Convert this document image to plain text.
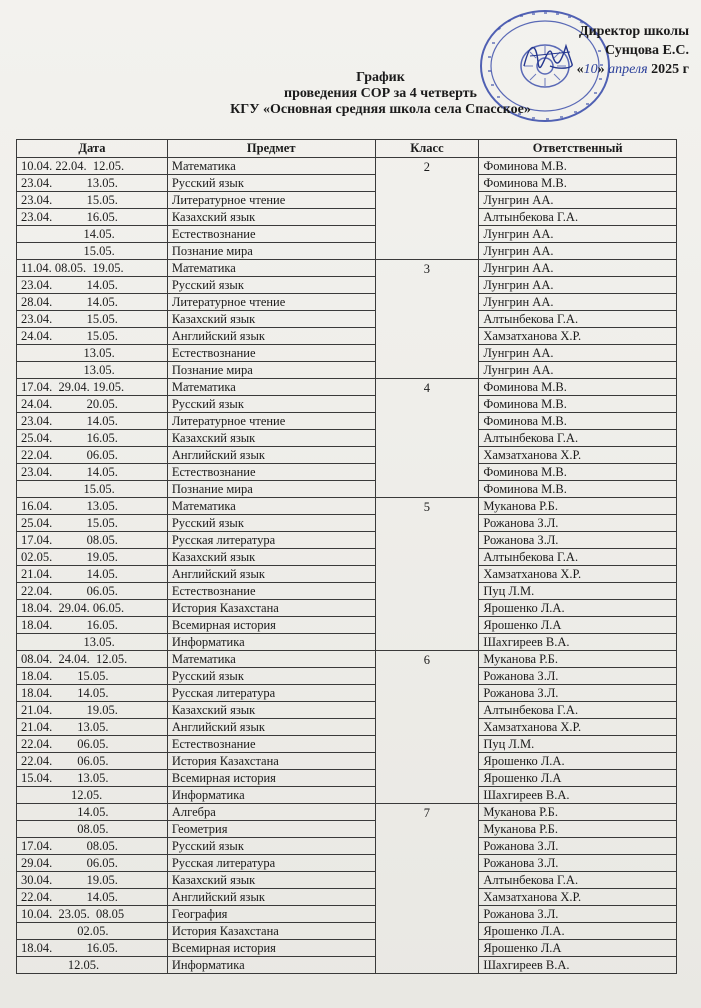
Директор школы
Сунцова Е.С.
«10» апреля 2025 г
График
проведения СОР за 4 четверть
КГУ «Основная средняя школа села Спасское»
Дата	Предмет	Класс	Ответственный
10.04. 22.04.  12.05.	Математика	2	Фоминова М.В.
23.04.           13.05.	Русский язык		Фоминова М.В.
23.04.           15.05.	Литературное чтение		Лунгрин АА.
23.04.           16.05.	Казахский язык		Алтынбекова Г.А.
14.05.	Естествознание		Лунгрин АА.
15.05.	Познание мира		Лунгрин АА.
11.04. 08.05.  19.05.	Математика	3	Лунгрин АА.
23.04.           14.05.	Русский язык		Лунгрин АА.
28.04.           14.05.	Литературное чтение		Лунгрин АА.
23.04.           15.05.	Казахский язык		Алтынбекова Г.А.
24.04.           15.05.	Английский язык		Хамзатханова Х.Р.
13.05.	Естествознание		Лунгрин АА.
13.05.	Познание мира		Лунгрин АА.
17.04.  29.04. 19.05.	Математика	4	Фоминова М.В.
24.04.           20.05.	Русский язык		Фоминова М.В.
23.04.           14.05.	Литературное чтение		Фоминова М.В.
25.04.           16.05.	Казахский язык		Алтынбекова Г.А.
22.04.           06.05.	Английский язык		Хамзатханова Х.Р.
23.04.           14.05.	Естествознание		Фоминова М.В.
15.05.	Познание мира		Фоминова М.В.
16.04.           13.05.	Математика	5	Муканова Р.Б.
25.04.           15.05.	Русский язык		Рожанова З.Л.
17.04.           08.05.	Русская литература		Рожанова З.Л.
02.05.           19.05.	Казахский язык		Алтынбекова Г.А.
21.04.           14.05.	Английский язык		Хамзатханова Х.Р.
22.04.           06.05.	Естествознание		Пуц Л.М.
18.04.  29.04. 06.05.	История Казахстана		Ярошенко Л.А.
18.04.           16.05.	Всемирная история		Ярошенко Л.А
13.05.	Информатика		Шахгиреев В.А.
08.04.  24.04.  12.05.	Математика	6	Муканова Р.Б.
18.04.        15.05.	Русский язык		Рожанова З.Л.
18.04.        14.05.	Русская литература		Рожанова З.Л.
21.04.           19.05.	Казахский язык		Алтынбекова Г.А.
21.04.        13.05.	Английский язык		Хамзатханова Х.Р.
22.04.        06.05.	Естествознание		Пуц Л.М.
22.04.        06.05.	История Казахстана		Ярошенко Л.А.
15.04.        13.05.	Всемирная история		Ярошенко Л.А
12.05.	Информатика		Шахгиреев В.А.
14.05.	Алгебра	7	Муканова Р.Б.
08.05.	Геометрия		Муканова Р.Б.
17.04.           08.05.	Русский язык		Рожанова З.Л.
29.04.           06.05.	Русская литература		Рожанова З.Л.
30.04.           19.05.	Казахский язык		Алтынбекова Г.А.
22.04.           14.05.	Английский язык		Хамзатханова Х.Р.
10.04.  23.05.  08.05	География		Рожанова З.Л.
02.05.	История Казахстана		Ярошенко Л.А.
18.04.           16.05.	Всемирная история		Ярошенко Л.А
12.05.	Информатика		Шахгиреев В.А.
